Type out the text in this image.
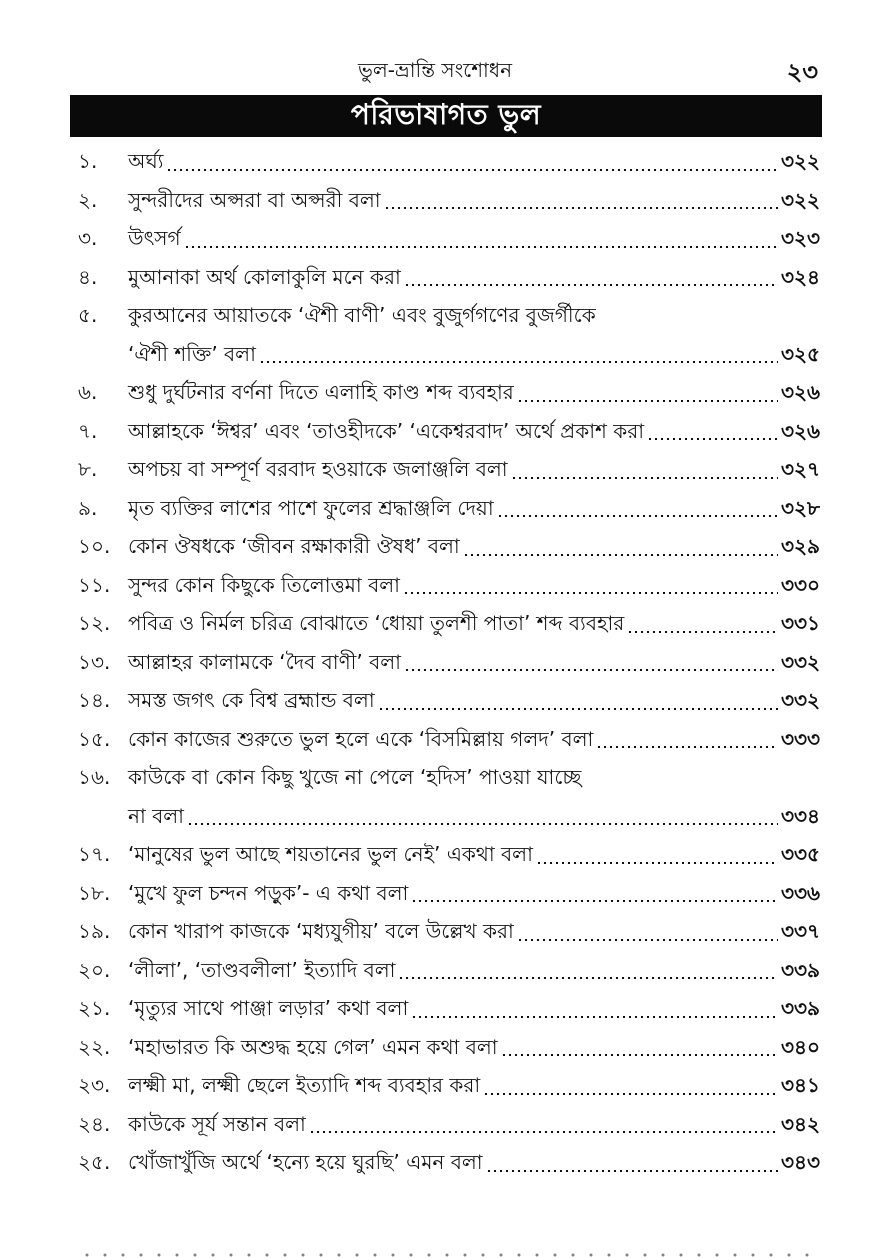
ভুল-ভ্রান্তি সংশোধন	২৩
পরিভাষাগত ভুল
১.	অর্ঘ্য	৩২২
২.	সুন্দরীদের অপ্সরা বা অপ্সরী বলা	৩২২
৩.	উৎসর্গ	৩২৩
৪.	মুআনাকা অর্থ কোলাকুলি মনে করা	৩২৪
৫.	কুরআনের আয়াতকে ‘ঐশী বাণী’ এবং বুজুর্গগণের বুজর্গীকে
‘ঐশী শক্তি’ বলা	৩২৫
৬.	শুধু দুর্ঘটনার বর্ণনা দিতে এলাহি কাণ্ড শব্দ ব্যবহার	৩২৬
৭.	আল্লাহকে ‘ঈশ্বর’ এবং ‘তাওহীদকে’ ‘একেশ্বরবাদ’ অর্থে প্রকাশ করা	৩২৬
৮.	অপচয় বা সম্পূর্ণ বরবাদ হওয়াকে জলাঞ্জলি বলা	৩২৭
৯.	মৃত ব্যক্তির লাশের পাশে ফুলের শ্রদ্ধাঞ্জলি দেয়া	৩২৮
১০. কোন ঔষধকে ‘জীবন রক্ষাকারী ঔষধ’ বলা	৩২৯
১১. সুন্দর কোন কিছুকে তিলোত্তমা বলা	৩৩০
১২. পবিত্র ও নির্মল চরিত্র বোঝাতে ‘ধোয়া তুলশী পাতা’ শব্দ ব্যবহার	৩৩১
১৩. আল্লাহর কালামকে ‘দৈব বাণী’ বলা	৩৩২
১৪. সমস্ত জগৎ কে বিশ্ব ব্রহ্মান্ড বলা	৩৩২
১৫. কোন কাজের শুরুতে ভুল হলে একে ‘বিসমিল্লায় গলদ’ বলা	৩৩৩
১৬. কাউকে বা কোন কিছু খুজে না পেলে ‘হদিস’ পাওয়া যাচ্ছে
না বলা	৩৩৪
১৭. ‘মানুষের ভুল আছে শয়তানের ভুল নেই’ একথা বলা	৩৩৫
১৮. ‘মুখে ফুল চন্দন পড়ুক’- এ কথা বলা	৩৩৬
১৯. কোন খারাপ কাজকে ‘মধ্যযুগীয়’ বলে উল্লেখ করা	৩৩৭
২০. ‘লীলা’, ‘তাণ্ডবলীলা’ ইত্যাদি বলা	৩৩৯
২১. ‘মৃত্যুর সাথে পাঞ্জা লড়ার’ কথা বলা	৩৩৯
২২. ‘মহাভারত কি অশুদ্ধ হয়ে গেল’ এমন কথা বলা	৩৪০
২৩. লক্ষ্মী মা, লক্ষ্মী ছেলে ইত্যাদি শব্দ ব্যবহার করা	৩৪১
২৪. কাউকে সূর্য সন্তান বলা	৩৪২
২৫. খোঁজাখুঁজি অর্থে ‘হন্যে হয়ে ঘুরছি’ এমন বলা	৩৪৩
